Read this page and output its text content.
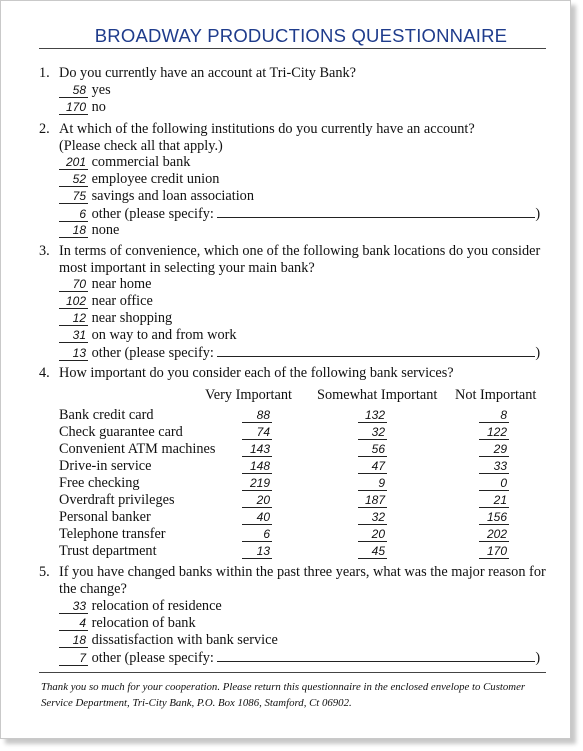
BROADWAY PRODUCTIONS QUESTIONNAIRE
1. Do you currently have an account at Tri-City Bank?
58 yes
170 no
2. At which of the following institutions do you currently have an account?
(Please check all that apply.)
201 commercial bank
52 employee credit union
75 savings and loan association
6 other (please specify:	)
18 none
3. In terms of convenience, which one of the following bank locations do you consider
most important in selecting your main bank?
70 near home
102 near office
12 near shopping
31 on way to and from work
13 other (please specify:	)
4. How important do you consider each of the following bank services?
Very Important Somewhat Important Not Important
Bank credit card	88	132	8
Check guarantee card	74	32	122
Convenient ATM machines	143	56	29
Drive-in service	148	47	33
Free checking	219	9	0
Overdraft privileges	20	187	21
Personal banker	40	32	156
Telephone transfer	6	20	202
Trust department	13	45	170
5. If you have changed banks within the past three years, what was the major reason for
the change?
33 relocation of residence
4 relocation of bank
18 dissatisfaction with bank service
7 other (please specify:	)
Thank you so much for your cooperation. Please return this questionnaire in the enclosed envelope to Customer
Service Department, Tri-City Bank, P.O. Box 1086, Stamford, Ct 06902.
